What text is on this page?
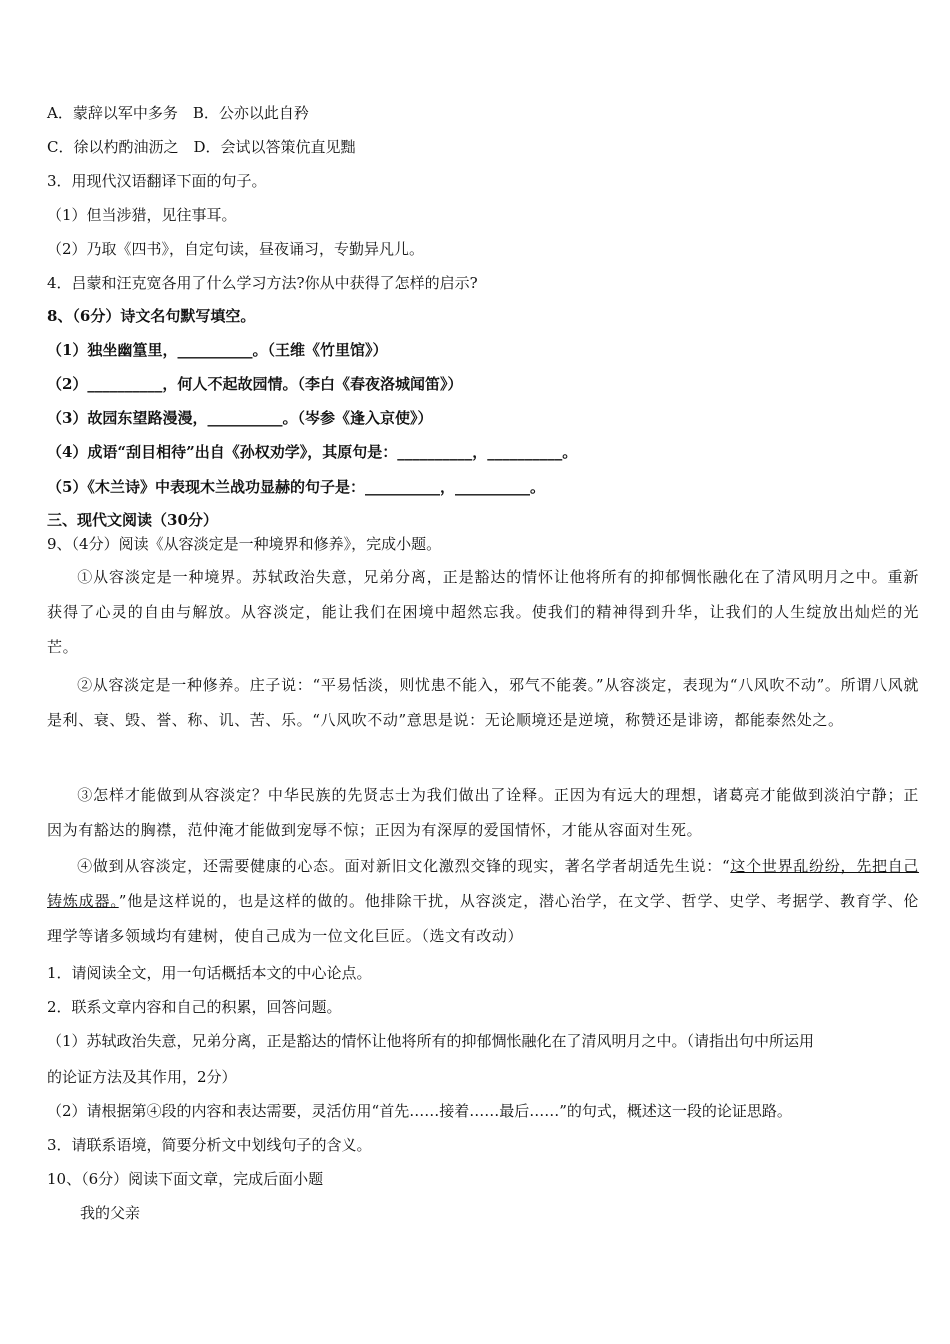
A．蒙辞以军中多务　B．公亦以此自矜
C．徐以杓酌油沥之　D．会试以答策伉直见黜
3．用现代汉语翻译下面的句子。
（1）但当涉猎，见往事耳。
（2）乃取《四书》，自定句读，昼夜诵习，专勤异凡儿。
4．吕蒙和汪克宽各用了什么学习方法?你从中获得了怎样的启示?
8、（6分）诗文名句默写填空。
（1）独坐幽篁里，__________。（王维《竹里馆》）
（2）__________，何人不起故园情。（李白《春夜洛城闻笛》）
（3）故园东望路漫漫，__________。（岑参《逢入京使》）
（4）成语“刮目相待”出自《孙权劝学》，其原句是：__________，__________。
（5）《木兰诗》中表现木兰战功显赫的句子是：__________，__________。
三、现代文阅读（30分）
9、（4分）阅读《从容淡定是一种境界和修养》，完成小题。
①从容淡定是一种境界。苏轼政治失意，兄弟分离，正是豁达的情怀让他将所有的抑郁惆怅融化在了清风明月之中。重新获得了心灵的自由与解放。从容淡定，能让我们在困境中超然忘我。使我们的精神得到升华，让我们的人生绽放出灿烂的光芒。
②从容淡定是一种修养。庄子说：“平易恬淡，则忧患不能入，邪气不能袭。”从容淡定，表现为“八风吹不动”。所谓八风就是利、衰、毁、誉、称、讥、苦、乐。“八风吹不动”意思是说：无论顺境还是逆境，称赞还是诽谤，都能泰然处之。
③怎样才能做到从容淡定？中华民族的先贤志士为我们做出了诠释。正因为有远大的理想，诸葛亮才能做到淡泊宁静；正因为有豁达的胸襟，范仲淹才能做到宠辱不惊；正因为有深厚的爱国情怀，才能从容面对生死。
④做到从容淡定，还需要健康的心态。面对新旧文化激烈交锋的现实，著名学者胡适先生说：“这个世界乱纷纷，先把自己铸炼成器。”他是这样说的，也是这样的做的。他排除干扰，从容淡定，潜心治学，在文学、哲学、史学、考据学、教育学、伦理学等诸多领域均有建树，使自己成为一位文化巨匠。（选文有改动）
1．请阅读全文，用一句话概括本文的中心论点。
2．联系文章内容和自己的积累，回答问题。
（1）苏轼政治失意，兄弟分离，正是豁达的情怀让他将所有的抑郁惆怅融化在了清风明月之中。（请指出句中所运用
的论证方法及其作用，2分）
（2）请根据第④段的内容和表达需要，灵活仿用“首先……接着……最后……”的句式，概述这一段的论证思路。
3．请联系语境，简要分析文中划线句子的含义。
10、（6分）阅读下面文章，完成后面小题
我的父亲
